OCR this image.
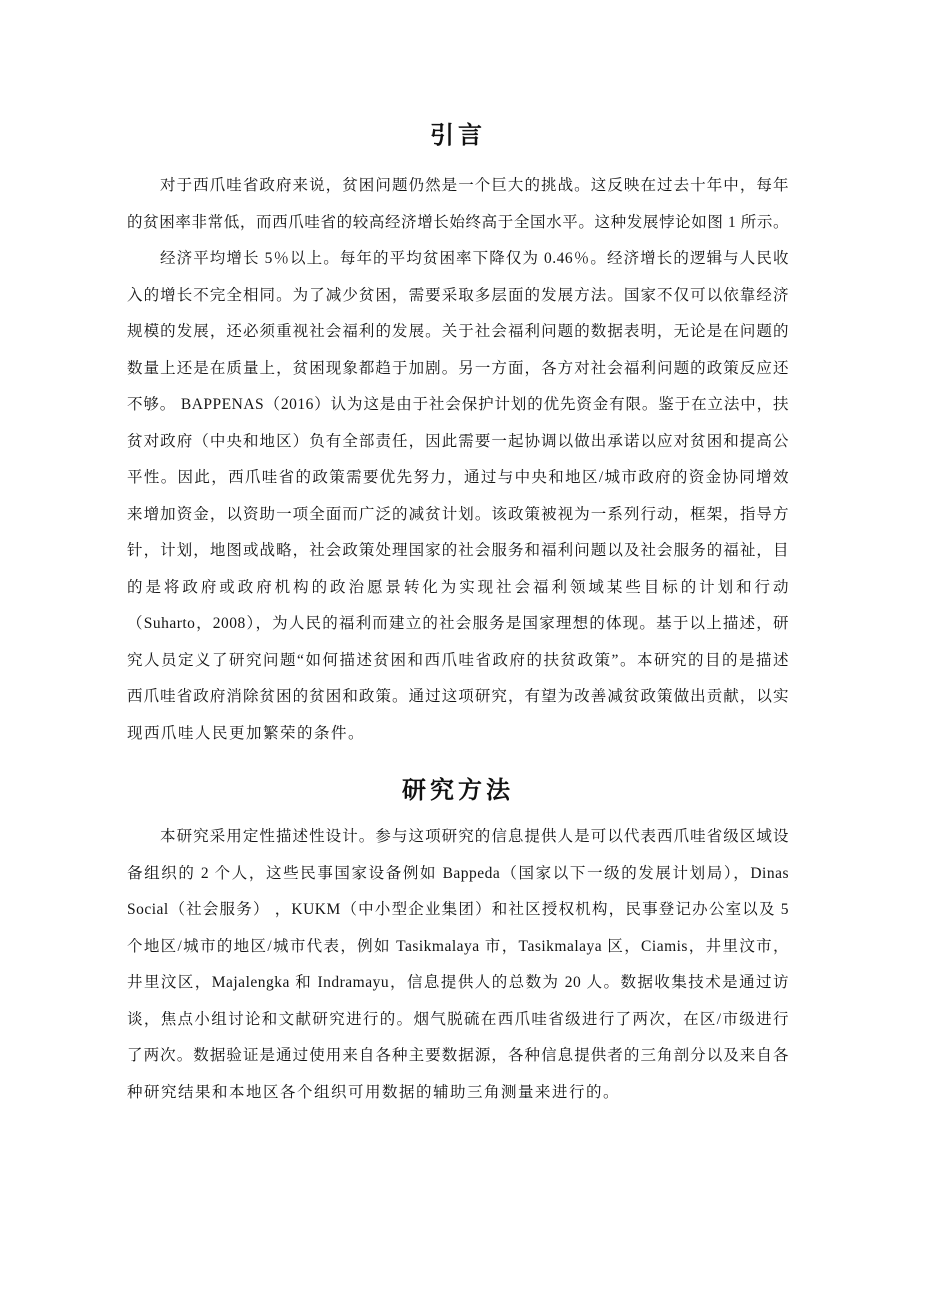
引言
对于西爪哇省政府来说，贫困问题仍然是一个巨大的挑战。这反映在过去十年中，每年
的贫困率非常低，而西爪哇省的较高经济增长始终高于全国水平。这种发展悖论如图 1 所示。
经济平均增长 5％以上。每年的平均贫困率下降仅为 0.46％。经济增长的逻辑与人民收
入的增长不完全相同。为了减少贫困，需要采取多层面的发展方法。国家不仅可以依靠经济
规模的发展，还必须重视社会福利的发展。关于社会福利问题的数据表明，无论是在问题的
数量上还是在质量上，贫困现象都趋于加剧。另一方面，各方对社会福利问题的政策反应还
不够。 BAPPENAS（2016）认为这是由于社会保护计划的优先资金有限。鉴于在立法中，扶
贫对政府（中央和地区）负有全部责任，因此需要一起协调以做出承诺以应对贫困和提高公
平性。因此，西爪哇省的政策需要优先努力，通过与中央和地区/城市政府的资金协同增效
来增加资金，以资助一项全面而广泛的减贫计划。该政策被视为一系列行动，框架，指导方
针，计划，地图或战略，社会政策处理国家的社会服务和福利问题以及社会服务的福祉，目
的是将政府或政府机构的政治愿景转化为实现社会福利领域某些目标的计划和行动
（Suharto，2008），为人民的福利而建立的社会服务是国家理想的体现。基于以上描述，研
究人员定义了研究问题“如何描述贫困和西爪哇省政府的扶贫政策”。本研究的目的是描述
西爪哇省政府消除贫困的贫困和政策。通过这项研究，有望为改善减贫政策做出贡献，以实
现西爪哇人民更加繁荣的条件。
研究方法
本研究采用定性描述性设计。参与这项研究的信息提供人是可以代表西爪哇省级区域设
备组织的 2 个人，这些民事国家设备例如 Bappeda（国家以下一级的发展计划局），Dinas
Social（社会服务） ，KUKM（中小型企业集团）和社区授权机构，民事登记办公室以及 5
个地区/城市的地区/城市代表，例如 Tasikmalaya 市，Tasikmalaya 区，Ciamis，井里汶市，
井里汶区，Majalengka 和 Indramayu，信息提供人的总数为 20 人。数据收集技术是通过访
谈，焦点小组讨论和文献研究进行的。烟气脱硫在西爪哇省级进行了两次，在区/市级进行
了两次。数据验证是通过使用来自各种主要数据源，各种信息提供者的三角剖分以及来自各
种研究结果和本地区各个组织可用数据的辅助三角测量来进行的。
